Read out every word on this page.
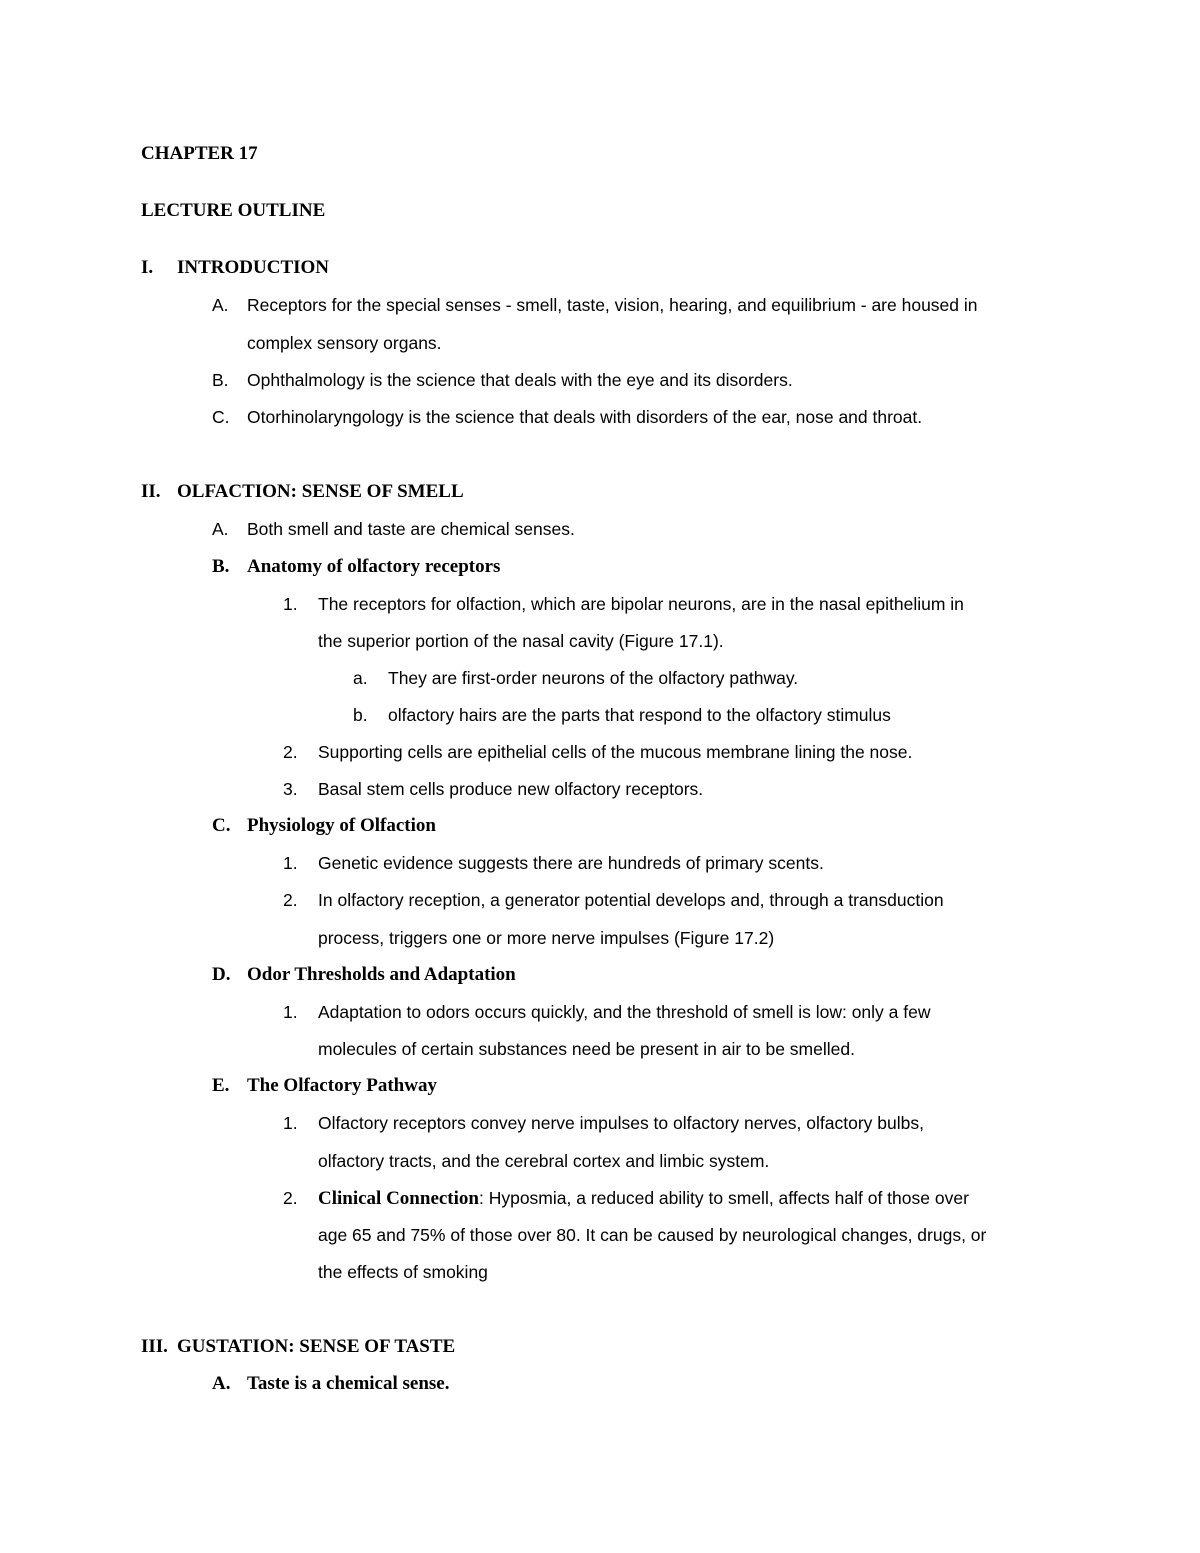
CHAPTER 17
LECTURE OUTLINE
I. INTRODUCTION
A. Receptors for the special senses - smell, taste, vision, hearing, and equilibrium - are housed in
complex sensory organs.
B. Ophthalmology is the science that deals with the eye and its disorders.
C. Otorhinolaryngology is the science that deals with disorders of the ear, nose and throat.
II. OLFACTION: SENSE OF SMELL
A. Both smell and taste are chemical senses.
B. Anatomy of olfactory receptors
1. The receptors for olfaction, which are bipolar neurons, are in the nasal epithelium in
the superior portion of the nasal cavity (Figure 17.1).
a. They are first-order neurons of the olfactory pathway.
b. olfactory hairs are the parts that respond to the olfactory stimulus
2. Supporting cells are epithelial cells of the mucous membrane lining the nose.
3. Basal stem cells produce new olfactory receptors.
C. Physiology of Olfaction
1. Genetic evidence suggests there are hundreds of primary scents.
2. In olfactory reception, a generator potential develops and, through a transduction
process, triggers one or more nerve impulses (Figure 17.2)
D. Odor Thresholds and Adaptation
1. Adaptation to odors occurs quickly, and the threshold of smell is low: only a few
molecules of certain substances need be present in air to be smelled.
E. The Olfactory Pathway
1. Olfactory receptors convey nerve impulses to olfactory nerves, olfactory bulbs,
olfactory tracts, and the cerebral cortex and limbic system.
2. Clinical Connection: Hyposmia, a reduced ability to smell, affects half of those over
age 65 and 75% of those over 80. It can be caused by neurological changes, drugs, or
the effects of smoking
III. GUSTATION: SENSE OF TASTE
A. Taste is a chemical sense.
